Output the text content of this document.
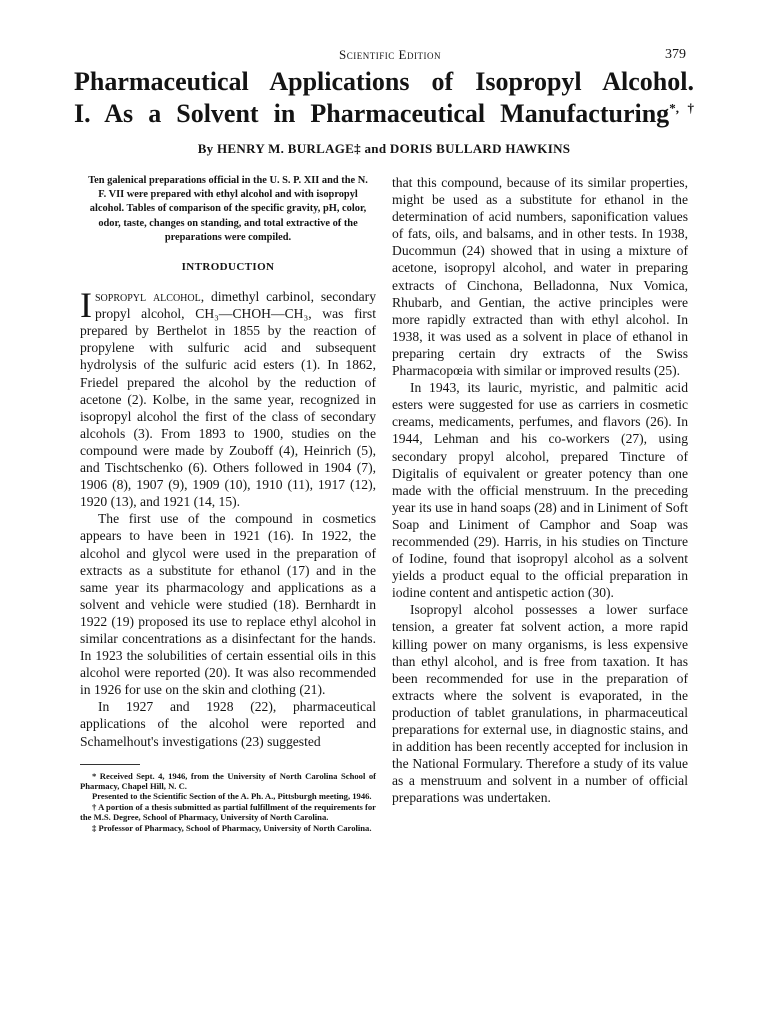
Scientific Edition	379
Pharmaceutical Applications of Isopropyl Alcohol.
I. As a Solvent in Pharmaceutical Manufacturing*,†
By HENRY M. BURLAGE‡ and DORIS BULLARD HAWKINS
Ten galenical preparations official in the U. S. P. XII and the N. F. VII were prepared with ethyl alcohol and with isopropyl alcohol. Tables of comparison of the specific gravity, pH, color, odor, taste, changes on standing, and total extractive of the preparations were compiled.
INTRODUCTION

Isopropyl alcohol, dimethyl carbinol, secondary propyl alcohol, CH₃—CHOH—CH₃, was first prepared by Berthelot in 1855 by the reaction of propylene with sulfuric acid and subsequent hydrolysis of the sulfuric acid esters (1). In 1862, Friedel prepared the alcohol by the reduction of acetone (2). Kolbe, in the same year, recognized in isopropyl alcohol the first of the class of secondary alcohols (3). From 1893 to 1900, studies on the compound were made by Zouboff (4), Heinrich (5), and Tischtschenko (6). Others followed in 1904 (7), 1906 (8), 1907 (9), 1909 (10), 1910 (11), 1917 (12), 1920 (13), and 1921 (14, 15).

The first use of the compound in cosmetics appears to have been in 1921 (16). In 1922, the alcohol and glycol were used in the preparation of extracts as a substitute for ethanol (17) and in the same year its pharmacology and applications as a solvent and vehicle were studied (18). Bernhardt in 1922 (19) proposed its use to replace ethyl alcohol in similar concentrations as a disinfectant for the hands. In 1923 the solubilities of certain essential oils in this alcohol were reported (20). It was also recommended in 1926 for use on the skin and clothing (21).

In 1927 and 1928 (22), pharmaceutical applications of the alcohol were reported and Schamelhout's investigations (23) suggested

* Received Sept. 4, 1946, from the University of North Carolina School of Pharmacy, Chapel Hill, N. C.
Presented to the Scientific Section of the A. Ph. A., Pittsburgh meeting, 1946.
† A portion of a thesis submitted as partial fulfillment of the requirements for the M.S. Degree, School of Pharmacy, University of North Carolina.
‡ Professor of Pharmacy, School of Pharmacy, University of North Carolina.

that this compound, because of its similar properties, might be used as a substitute for ethanol in the determination of acid numbers, saponification values of fats, oils, and balsams, and in other tests. In 1938, Ducommun (24) showed that in using a mixture of acetone, isopropyl alcohol, and water in preparing extracts of Cinchona, Belladonna, Nux Vomica, Rhubarb, and Gentian, the active principles were more rapidly extracted than with ethyl alcohol. In 1938, it was used as a solvent in place of ethanol in preparing certain dry extracts of the Swiss Pharmacopœia with similar or improved results (25).

In 1943, its lauric, myristic, and palmitic acid esters were suggested for use as carriers in cosmetic creams, medicaments, perfumes, and flavors (26). In 1944, Lehman and his co-workers (27), using secondary propyl alcohol, prepared Tincture of Digitalis of equivalent or greater potency than one made with the official menstruum. In the preceding year its use in hand soaps (28) and in Liniment of Soft Soap and Liniment of Camphor and Soap was recommended (29). Harris, in his studies on Tincture of Iodine, found that isopropyl alcohol as a solvent yields a product equal to the official preparation in iodine content and antispetic action (30).

Isopropyl alcohol possesses a lower surface tension, a greater fat solvent action, a more rapid killing power on many organisms, is less expensive than ethyl alcohol, and is free from taxation. It has been recommended for use in the preparation of extracts where the solvent is evaporated, in the production of tablet granulations, in pharmaceutical preparations for external use, in diagnostic stains, and in addition has been recently accepted for inclusion in the National Formulary. Therefore a study of its value as a menstruum and solvent in a number of official preparations was undertaken.
